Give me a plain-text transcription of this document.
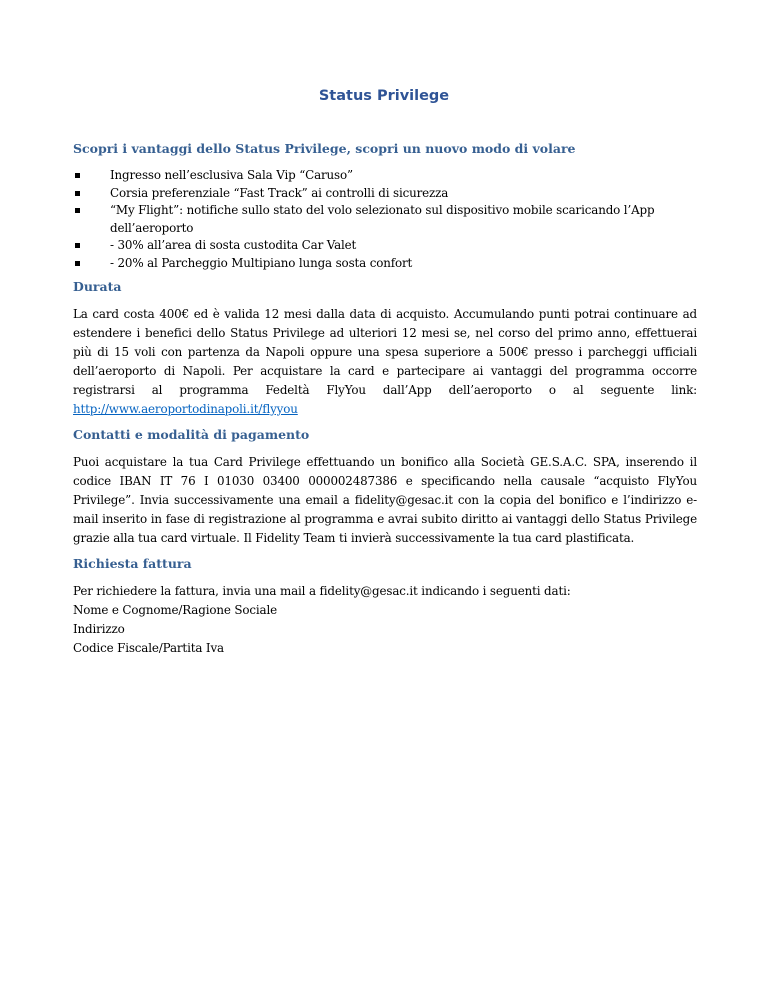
Status Privilege
Scopri i vantaggi dello Status Privilege, scopri un nuovo modo di volare
Ingresso nell’esclusiva Sala Vip “Caruso”
Corsia preferenziale “Fast Track” ai controlli di sicurezza
“My Flight”: notifiche sullo stato del volo selezionato sul dispositivo mobile scaricando l’App dell’aeroporto
- 30% all’area di sosta custodita Car Valet
- 20% al Parcheggio Multipiano lunga sosta confort
Durata

La card costa 400€ ed è valida 12 mesi dalla data di acquisto. Accumulando punti potrai continuare ad estendere i benefici dello Status Privilege ad ulteriori 12 mesi se, nel corso del primo anno, effettuerai più di 15 voli con partenza da Napoli oppure una spesa superiore a 500€ presso i parcheggi ufficiali dell’aeroporto di Napoli. Per acquistare la card e partecipare ai vantaggi del programma occorre registrarsi al programma Fedeltà FlyYou dall’App dell’aeroporto o al seguente link: http://www.aeroportodinapoli.it/flyyou

Contatti e modalità di pagamento

Puoi acquistare la tua Card Privilege effettuando un bonifico alla Società GE.S.A.C. SPA, inserendo il codice IBAN IT 76 I 01030 03400 000002487386 e specificando nella causale “acquisto FlyYou Privilege”. Invia successivamente una email a fidelity@gesac.it con la copia del bonifico e l’indirizzo e-mail inserito in fase di registrazione al programma e avrai subito diritto ai vantaggi dello Status Privilege grazie alla tua card virtuale. Il Fidelity Team ti invierà successivamente la tua card plastificata.

Richiesta fattura
Per richiedere la fattura, invia una mail a fidelity@gesac.it indicando i seguenti dati:
Nome e Cognome/Ragione Sociale
Indirizzo
Codice Fiscale/Partita Iva
